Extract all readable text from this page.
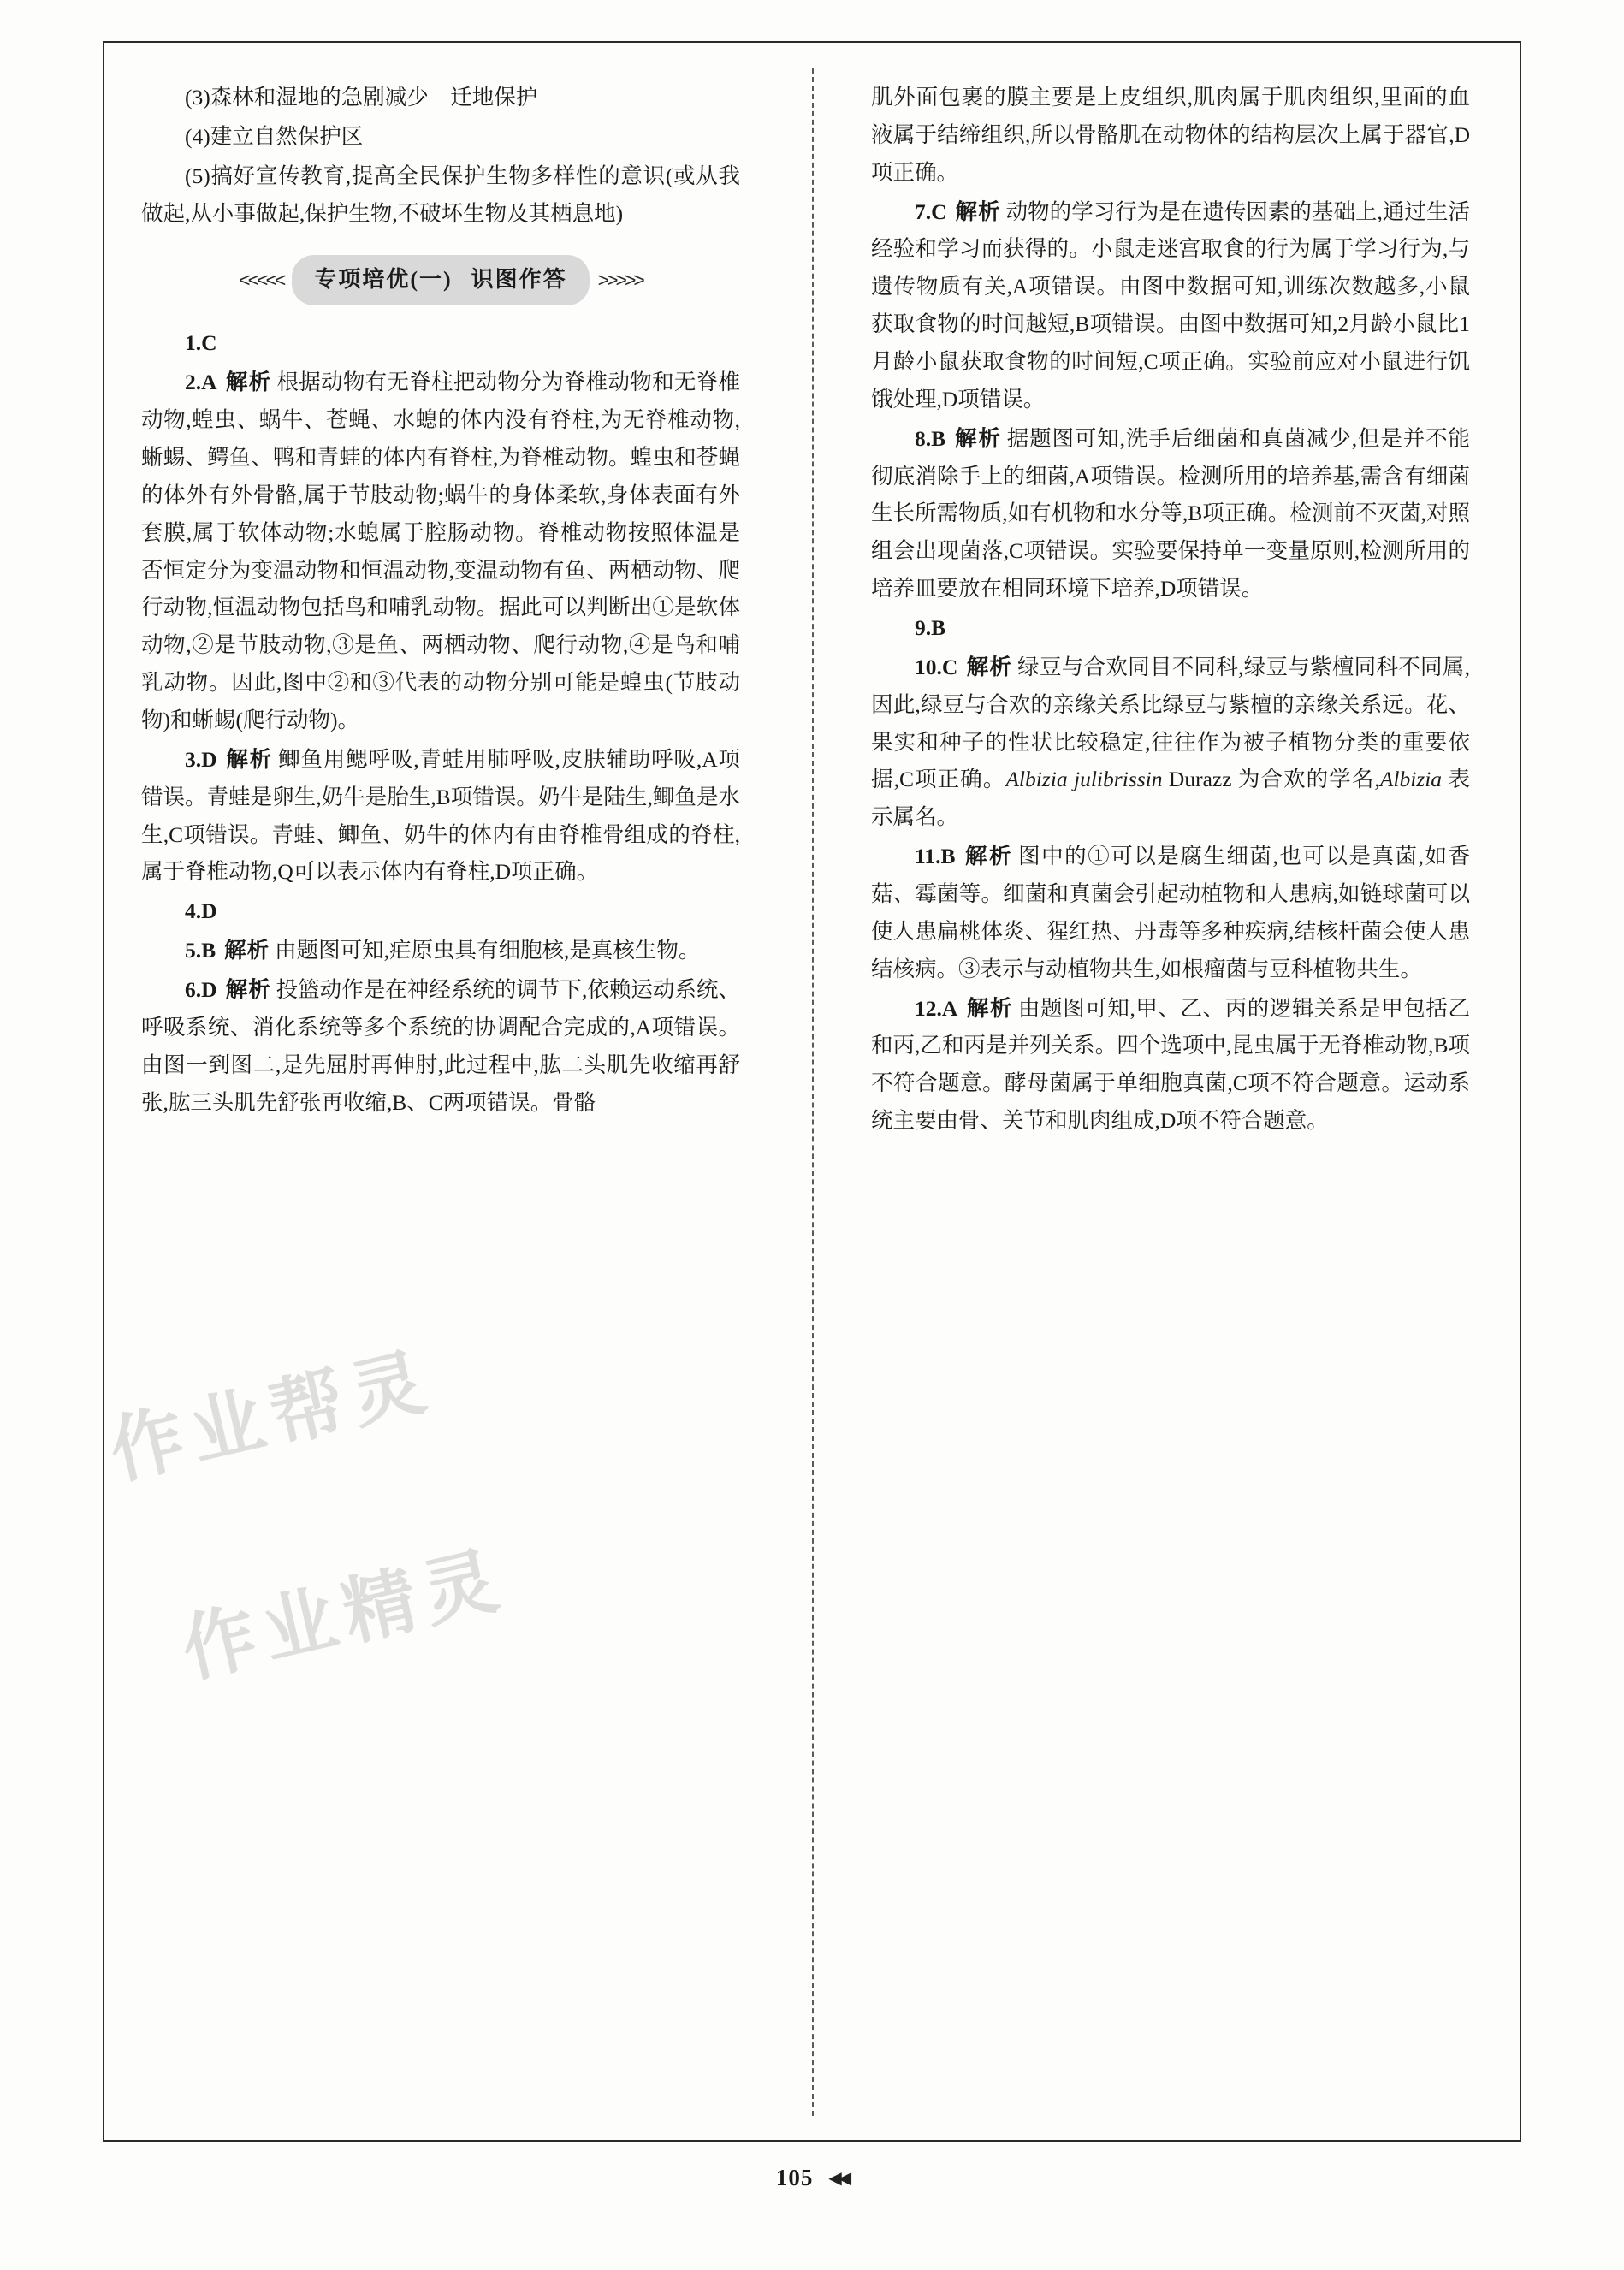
(3)森林和湿地的急剧减少　迁地保护

(4)建立自然保护区

(5)搞好宣传教育,提高全民保护生物多样性的意识(或从我做起,从小事做起,保护生物,不破坏生物及其栖息地)

<<<<<	专项培优(一) 识图作答	>>>>>

1.C

2.A 解析 根据动物有无脊柱把动物分为脊椎动物和无脊椎动物,蝗虫、蜗牛、苍蝇、水螅的体内没有脊柱,为无脊椎动物,蜥蜴、鳄鱼、鸭和青蛙的体内有脊柱,为脊椎动物。蝗虫和苍蝇的体外有外骨骼,属于节肢动物;蜗牛的身体柔软,身体表面有外套膜,属于软体动物;水螅属于腔肠动物。脊椎动物按照体温是否恒定分为变温动物和恒温动物,变温动物有鱼、两栖动物、爬行动物,恒温动物包括鸟和哺乳动物。据此可以判断出①是软体动物,②是节肢动物,③是鱼、两栖动物、爬行动物,④是鸟和哺乳动物。因此,图中②和③代表的动物分别可能是蝗虫(节肢动物)和蜥蜴(爬行动物)。

3.D 解析 鲫鱼用鳃呼吸,青蛙用肺呼吸,皮肤辅助呼吸,A项错误。青蛙是卵生,奶牛是胎生,B项错误。奶牛是陆生,鲫鱼是水生,C项错误。青蛙、鲫鱼、奶牛的体内有由脊椎骨组成的脊柱,属于脊椎动物,Q可以表示体内有脊柱,D项正确。

4.D

5.B 解析 由题图可知,疟原虫具有细胞核,是真核生物。

6.D 解析 投篮动作是在神经系统的调节下,依赖运动系统、呼吸系统、消化系统等多个系统的协调配合完成的,A项错误。由图一到图二,是先屈肘再伸肘,此过程中,肱二头肌先收缩再舒张,肱三头肌先舒张再收缩,B、C两项错误。骨骼

肌外面包裹的膜主要是上皮组织,肌肉属于肌肉组织,里面的血液属于结缔组织,所以骨骼肌在动物体的结构层次上属于器官,D项正确。

7.C 解析 动物的学习行为是在遗传因素的基础上,通过生活经验和学习而获得的。小鼠走迷宫取食的行为属于学习行为,与遗传物质有关,A项错误。由图中数据可知,训练次数越多,小鼠获取食物的时间越短,B项错误。由图中数据可知,2月龄小鼠比1月龄小鼠获取食物的时间短,C项正确。实验前应对小鼠进行饥饿处理,D项错误。

8.B 解析 据题图可知,洗手后细菌和真菌减少,但是并不能彻底消除手上的细菌,A项错误。检测所用的培养基,需含有细菌生长所需物质,如有机物和水分等,B项正确。检测前不灭菌,对照组会出现菌落,C项错误。实验要保持单一变量原则,检测所用的培养皿要放在相同环境下培养,D项错误。

9.B

10.C 解析 绿豆与合欢同目不同科,绿豆与紫檀同科不同属,因此,绿豆与合欢的亲缘关系比绿豆与紫檀的亲缘关系远。花、果实和种子的性状比较稳定,往往作为被子植物分类的重要依据,C项正确。Albizia julibrissin Durazz 为合欢的学名,Albizia 表示属名。

11.B 解析 图中的①可以是腐生细菌,也可以是真菌,如香菇、霉菌等。细菌和真菌会引起动植物和人患病,如链球菌可以使人患扁桃体炎、猩红热、丹毒等多种疾病,结核杆菌会使人患结核病。③表示与动植物共生,如根瘤菌与豆科植物共生。

12.A 解析 由题图可知,甲、乙、丙的逻辑关系是甲包括乙和丙,乙和丙是并列关系。四个选项中,昆虫属于无脊椎动物,B项不符合题意。酵母菌属于单细胞真菌,C项不符合题意。运动系统主要由骨、关节和肌肉组成,D项不符合题意。

作业帮灵
作业精灵
105 ◀◀
